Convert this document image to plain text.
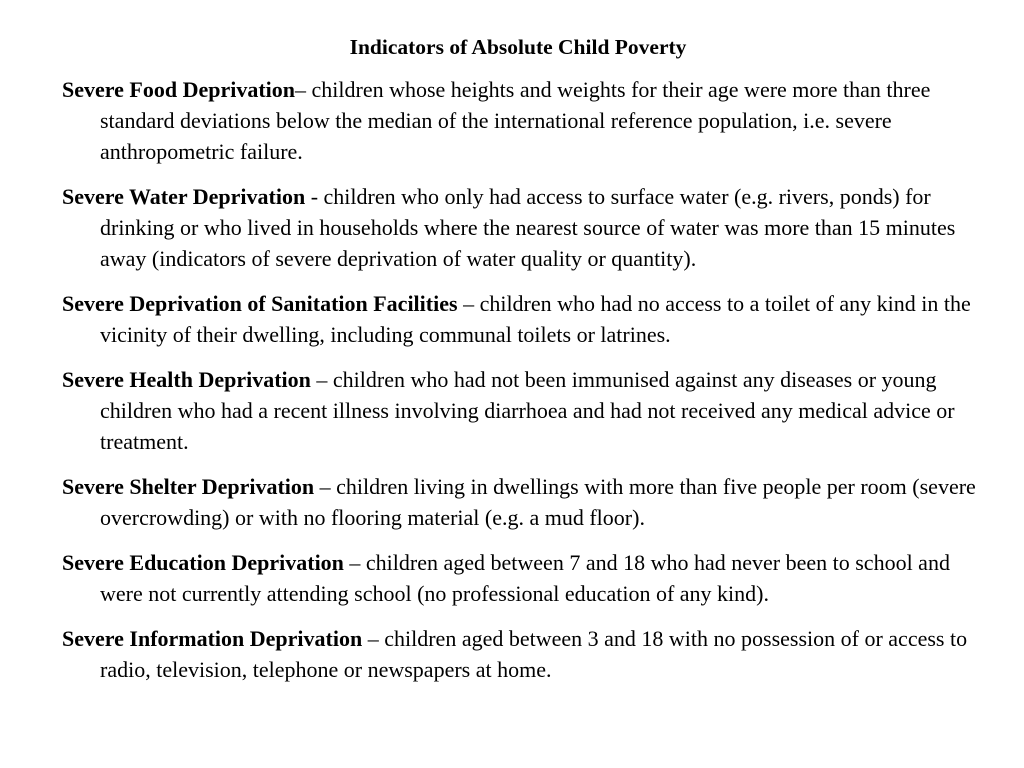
Indicators of Absolute Child Poverty
Severe Food Deprivation– children whose heights and weights for their age were more than three standard deviations below the median of the international reference population, i.e. severe anthropometric failure.
Severe Water Deprivation - children who only had access to surface water (e.g. rivers, ponds) for drinking or who lived in households where the nearest source of water was more than 15 minutes away (indicators of severe deprivation of water quality or quantity).
Severe Deprivation of Sanitation Facilities – children who had no access to a toilet of any kind in the vicinity of their dwelling, including communal toilets or latrines.
Severe Health Deprivation – children who had not been immunised against any diseases or young children who had a recent illness involving diarrhoea and had not received any medical advice or treatment.
Severe Shelter Deprivation – children living in dwellings with more than five people per room (severe overcrowding) or with no flooring material (e.g. a mud floor).
Severe Education Deprivation – children aged between 7 and 18 who had never been to school and were not currently attending school (no professional education of any kind).
Severe Information Deprivation – children aged between 3 and 18 with no possession of or access to radio, television, telephone or newspapers at home.
